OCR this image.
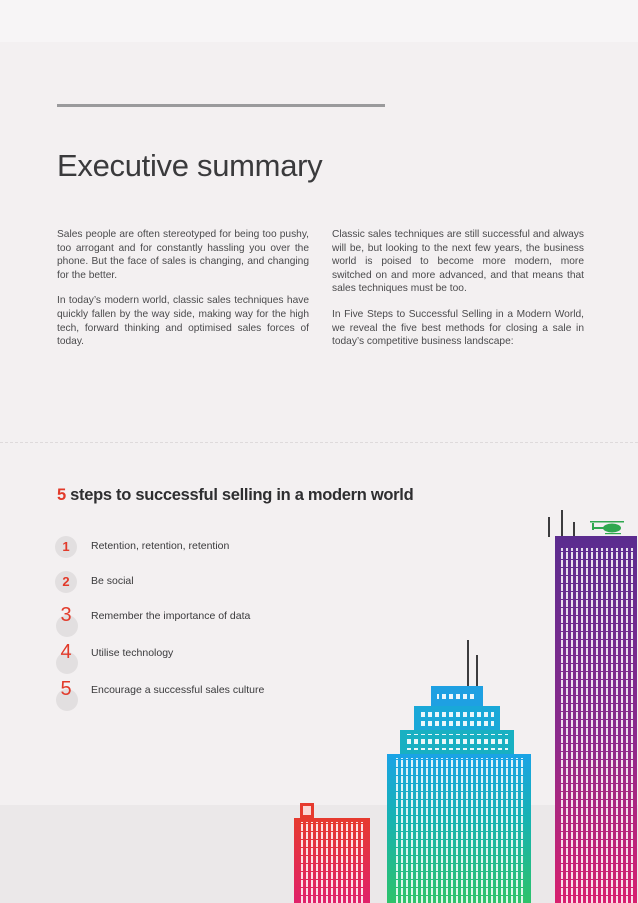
Executive summary

Sales people are often stereotyped for being too pushy, too arrogant and for constantly hassling you over the phone. But the face of sales is changing, and changing for the better.

In today’s modern world, classic sales techniques have quickly fallen by the way side, making way for the high tech, forward thinking and optimised sales forces of today.

Classic sales techniques are still successful and always will be, but looking to the next few years, the business world is poised to become more modern, more switched on and more advanced, and that means that sales techniques must be too.

In Five Steps to Successful Selling in a Modern World, we reveal the five best methods for closing a sale in today’s competitive business landscape:

5 steps to successful selling in a modern world
1	Retention, retention, retention
2	Be social
3	Remember the importance of data
4	Utilise technology
5	Encourage a successful sales culture
